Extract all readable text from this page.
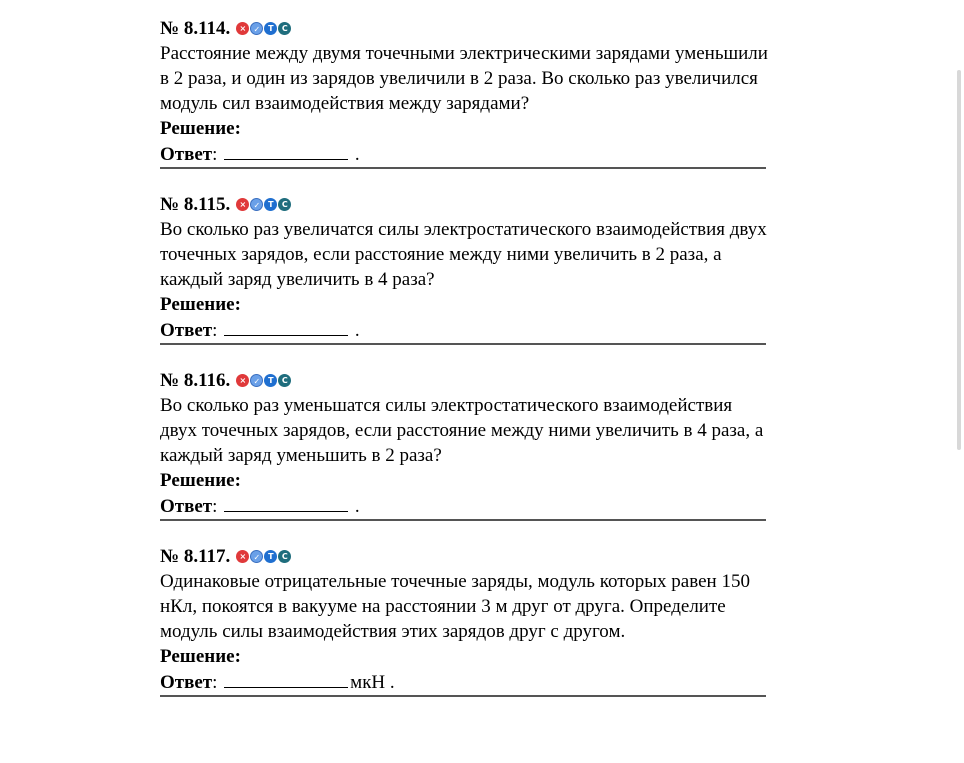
№ 8.114.	× ✓ T	C

Расстояние между двумя точечными электрическими зарядами уменьшили в 2 раза, и один из зарядов увеличили в 2 раза. Во сколько раз увеличился модуль сил взаимодействия между зарядами?

Решение:
Ответ:	.
№ 8.115.	× ✓ T	C

Во сколько раз увеличатся силы электростатического взаимодействия двух точечных зарядов, если расстояние между ними увеличить в 2 раза, а каждый заряд увеличить в 4 раза?

Решение:
Ответ:	.
№ 8.116.	× ✓ T	C

Во сколько раз уменьшатся силы электростатического взаимодействия двух точечных зарядов, если расстояние между ними увеличить в 4 раза, а каждый заряд уменьшить в 2 раза?

Решение:
Ответ:	.
№ 8.117.	× ✓ T	C

Одинаковые отрицательные точечные заряды, модуль которых равен 150 нКл, покоятся в вакууме на расстоянии 3 м друг от друга. Определите модуль силы взаимодействия этих зарядов друг с другом.

Решение:
Ответ:	мкН .
